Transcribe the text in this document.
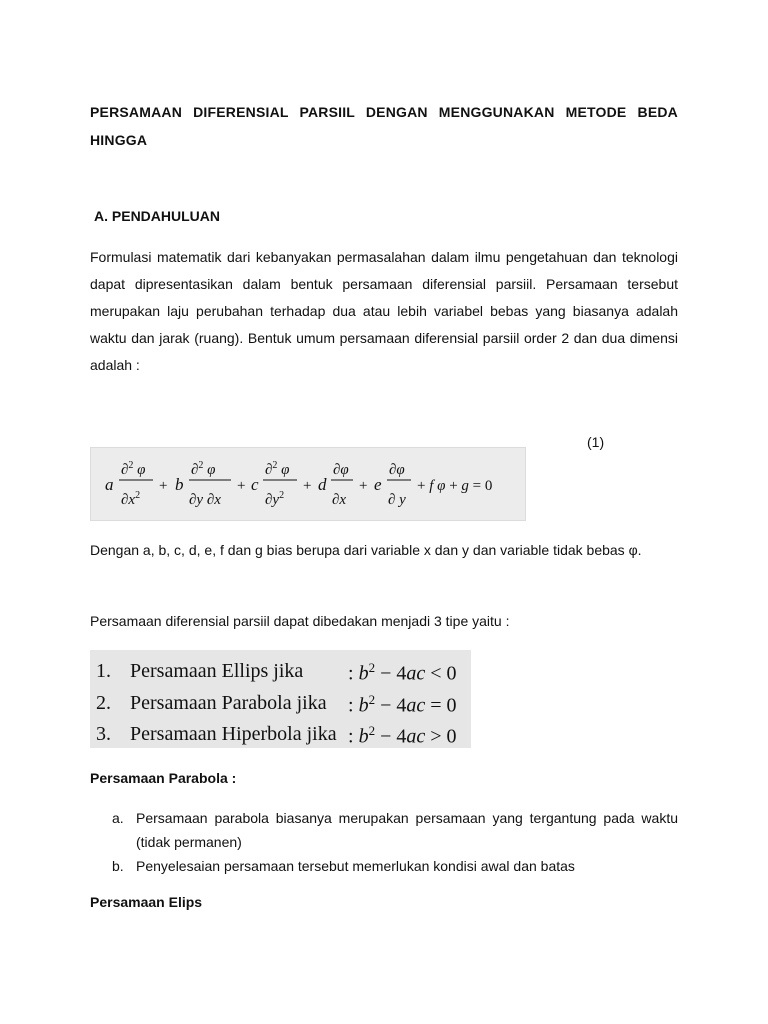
PERSAMAAN DIFERENSIAL PARSIIL DENGAN MENGGUNAKAN METODE BEDA HINGGA
A. PENDAHULUAN
Formulasi matematik dari kebanyakan permasalahan dalam ilmu pengetahuan dan teknologi dapat dipresentasikan dalam bentuk persamaan diferensial parsiil. Persamaan tersebut merupakan laju perubahan terhadap dua atau lebih variabel bebas yang biasanya adalah waktu dan jarak (ruang). Bentuk umum persamaan diferensial parsiil order 2 dan dua dimensi adalah :
(1)
a
∂$^2$ φ
$\partial x^2$
+ b
∂$^2$ φ
∂y ∂x
+ c
∂$^2$ φ
$\partial y^2$
+ d
∂φ
∂x
+ e
∂φ
∂ y
+ f φ + g = 0
Dengan a, b, c, d, e, f dan g bias berupa dari variable x dan y dan variable tidak bebas φ.
Persamaan diferensial parsiil dapat dibedakan menjadi 3 tipe yaitu :
1. Persamaan Ellips jika : $b^2 - 4ac < 0$
2. Persamaan Parabola jika : $b^2 - 4ac = 0$
3. Persamaan Hiperbola jika : $b^2 - 4ac > 0$
Persamaan Parabola :
a. Persamaan parabola biasanya merupakan persamaan yang tergantung pada waktu (tidak permanen)
b. Penyelesaian persamaan tersebut memerlukan kondisi awal dan batas
Persamaan Elips
